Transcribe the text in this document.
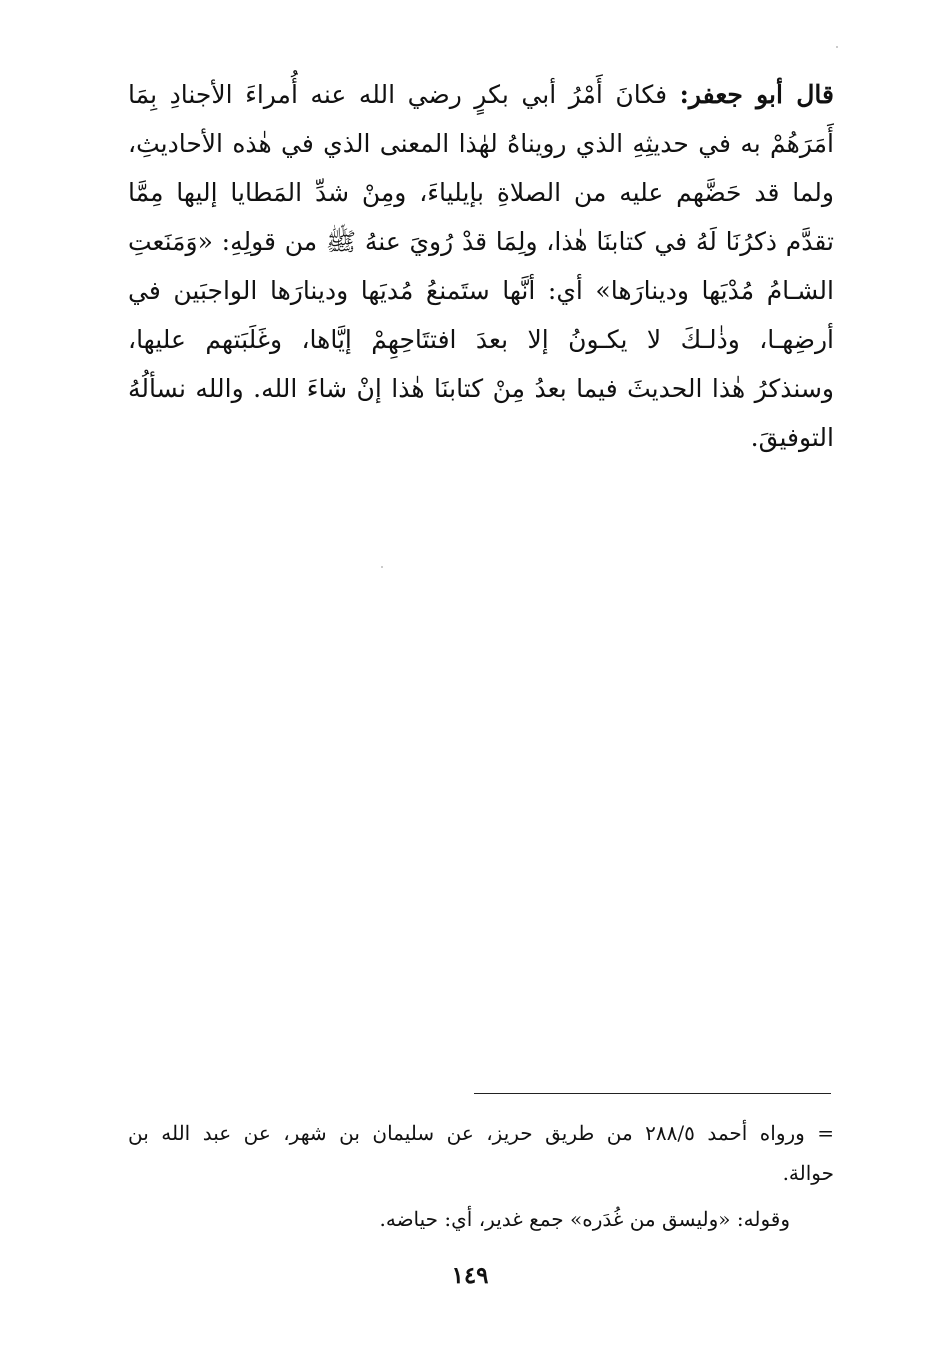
قال أبو جعفر: فكانَ أَمْرُ أبي بكرٍ رضي الله عنه أُمراءَ الأجنادِ بِمَا
أَمَرَهُمْ به في حديثِهِ الذي رويناهُ لهٰذا المعنى الذي في هٰذه الأحاديثِ،
ولما قد حَضَّهم عليه من الصلاةِ بإيلياءَ، ومِنْ شدِّ المَطايا إليها مِمَّا
تقدَّم ذكرُنَا لَهُ في كتابنَا هٰذا، ولِمَا قدْ رُويَ عنهُ ﷺ من قولِهِ: «وَمَنَعتِ
الشـامُ مُدْيَها ودينارَها» أي: أنَّها ستَمنعُ مُديَها ودينارَها الواجبَين في
أرضِهـا، وذٰلـكَ لا يكـونُ إلا بعدَ افتتَاحِهِمْ إيَّاها، وغَلَبَتهم عليها،
وسنذكرُ هٰذا الحديثَ فيما بعدُ مِنْ كتابنَا هٰذا إنْ شاءَ الله. والله نسألُهُ
التوفيقَ.
= ورواه أحمد ٢٨٨/٥ من طريق حريز، عن سليمان بن شهر، عن عبد الله بن
حوالة.
وقوله: «وليسق من غُدَره» جمع غدير، أي: حياضه.
١٤٩
